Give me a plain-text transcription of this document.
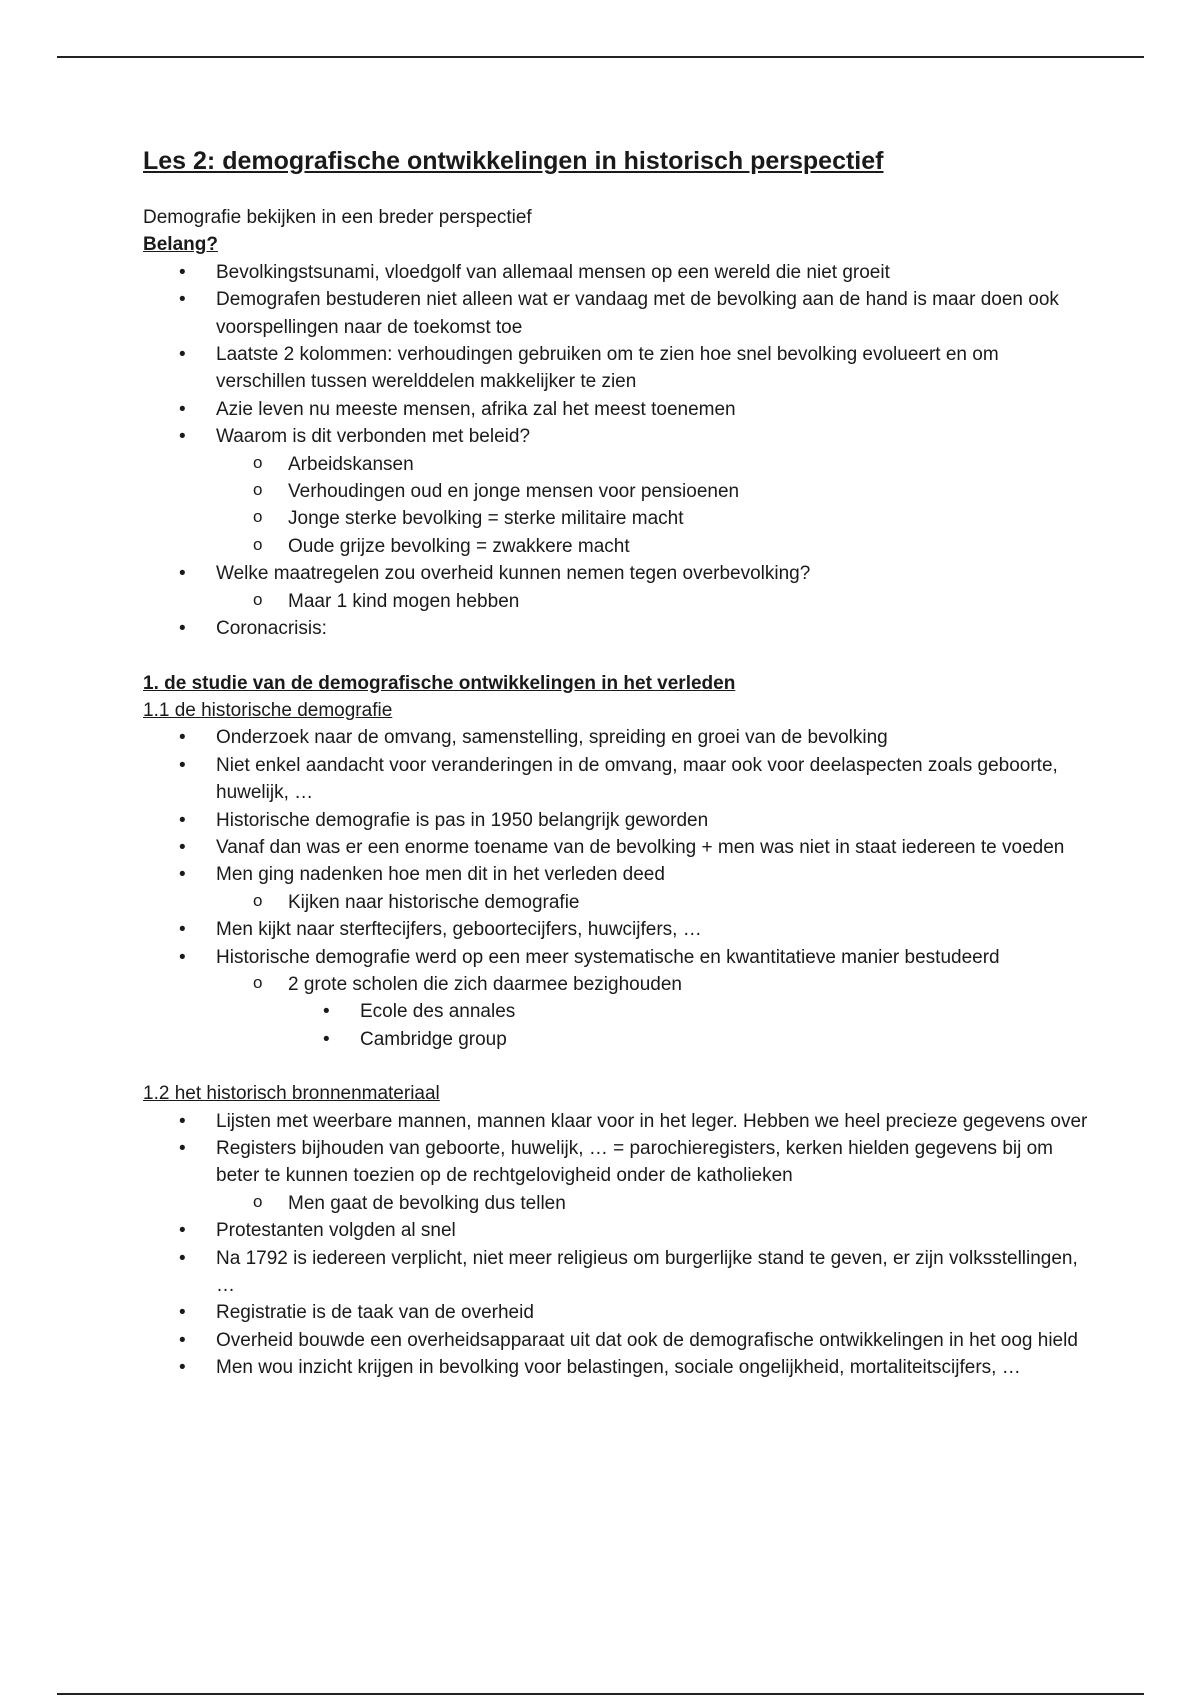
Les 2: demografische ontwikkelingen in historisch perspectief

Demografie bekijken in een breder perspectief

Belang?

• Bevolkingstsunami, vloedgolf van allemaal mensen op een wereld die niet groeit
• Demografen bestuderen niet alleen wat er vandaag met de bevolking aan de hand is maar doen ook voorspellingen naar de toekomst toe
• Laatste 2 kolommen: verhoudingen gebruiken om te zien hoe snel bevolking evolueert en om verschillen tussen werelddelen makkelijker te zien
• Azie leven nu meeste mensen, afrika zal het meest toenemen
• Waarom is dit verbonden met beleid?
o Arbeidskansen
o Verhoudingen oud en jonge mensen voor pensioenen
o Jonge sterke bevolking = sterke militaire macht
o Oude grijze bevolking = zwakkere macht
• Welke maatregelen zou overheid kunnen nemen tegen overbevolking?
o Maar 1 kind mogen hebben
• Coronacrisis:

1. de studie van de demografische ontwikkelingen in het verleden

1.1 de historische demografie

• Onderzoek naar de omvang, samenstelling, spreiding en groei van de bevolking
• Niet enkel aandacht voor veranderingen in de omvang, maar ook voor deelaspecten zoals geboorte, huwelijk, …
• Historische demografie is pas in 1950 belangrijk geworden
• Vanaf dan was er een enorme toename van de bevolking + men was niet in staat iedereen te voeden
• Men ging nadenken hoe men dit in het verleden deed
o Kijken naar historische demografie
• Men kijkt naar sterftecijfers, geboortecijfers, huwcijfers, …
• Historische demografie werd op een meer systematische en kwantitatieve manier bestudeerd
o 2 grote scholen die zich daarmee bezighouden
• Ecole des annales
• Cambridge group

1.2 het historisch bronnenmateriaal

• Lijsten met weerbare mannen, mannen klaar voor in het leger. Hebben we heel precieze gegevens over
• Registers bijhouden van geboorte, huwelijk, … = parochieregisters, kerken hielden gegevens bij om beter te kunnen toezien op de rechtgelovigheid onder de katholieken
o Men gaat de bevolking dus tellen
• Protestanten volgden al snel
• Na 1792 is iedereen verplicht, niet meer religieus om burgerlijke stand te geven, er zijn volksstellingen, …
• Registratie is de taak van de overheid
• Overheid bouwde een overheidsapparaat uit dat ook de demografische ontwikkelingen in het oog hield
• Men wou inzicht krijgen in bevolking voor belastingen, sociale ongelijkheid, mortaliteitscijfers, …
